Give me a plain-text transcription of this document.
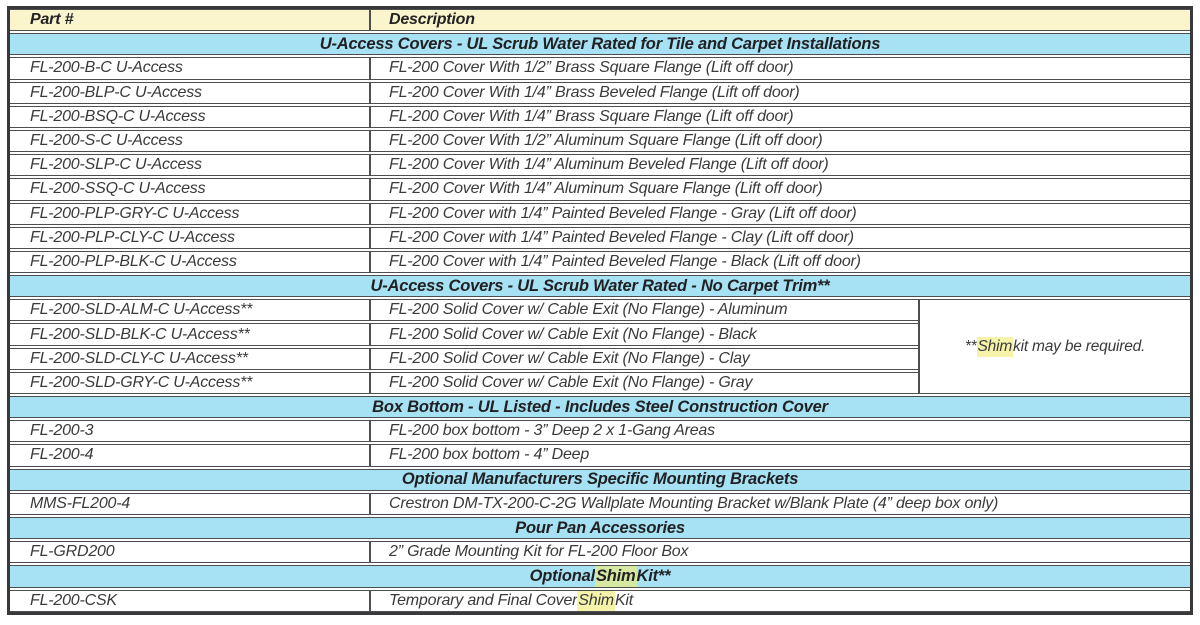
Part #	Description
U-Access Covers - UL Scrub Water Rated for Tile and Carpet Installations
FL-200-B-C U-Access	FL-200 Cover With 1/2” Brass Square Flange (Lift off door)
FL-200-BLP-C U-Access	FL-200 Cover With 1/4” Brass Beveled Flange (Lift off door)
FL-200-BSQ-C U-Access	FL-200 Cover With 1/4” Brass Square Flange (Lift off door)
FL-200-S-C U-Access	FL-200 Cover With 1/2” Aluminum Square Flange (Lift off door)
FL-200-SLP-C U-Access	FL-200 Cover With 1/4” Aluminum Beveled Flange (Lift off door)
FL-200-SSQ-C U-Access	FL-200 Cover With 1/4” Aluminum Square Flange (Lift off door)
FL-200-PLP-GRY-C U-Access	FL-200 Cover with 1/4” Painted Beveled Flange - Gray (Lift off door)
FL-200-PLP-CLY-C U-Access	FL-200 Cover with 1/4” Painted Beveled Flange - Clay (Lift off door)
FL-200-PLP-BLK-C U-Access	FL-200 Cover with 1/4” Painted Beveled Flange - Black (Lift off door)
U-Access Covers - UL Scrub Water Rated - No Carpet Trim**
FL-200-SLD-ALM-C U-Access**	FL-200 Solid Cover w/ Cable Exit (No Flange) - Aluminum
FL-200-SLD-BLK-C U-Access**	FL-200 Solid Cover w/ Cable Exit (No Flange) - Black
FL-200-SLD-CLY-C U-Access**	FL-200 Solid Cover w/ Cable Exit (No Flange) - Clay
FL-200-SLD-GRY-C U-Access**	FL-200 Solid Cover w/ Cable Exit (No Flange) - Gray
** Shim kit may be required.
Box Bottom - UL Listed - Includes Steel Construction Cover
FL-200-3	FL-200 box bottom - 3” Deep 2 x 1-Gang Areas
FL-200-4	FL-200 box bottom - 4” Deep
Optional Manufacturers Specific Mounting Brackets
MMS-FL200-4	Crestron DM-TX-200-C-2G Wallplate Mounting Bracket w/Blank Plate (4” deep box only)
Pour Pan Accessories
FL-GRD200	2” Grade Mounting Kit for FL-200 Floor Box
Optional Shim Kit**
FL-200-CSK	Temporary and Final Cover Shim Kit
